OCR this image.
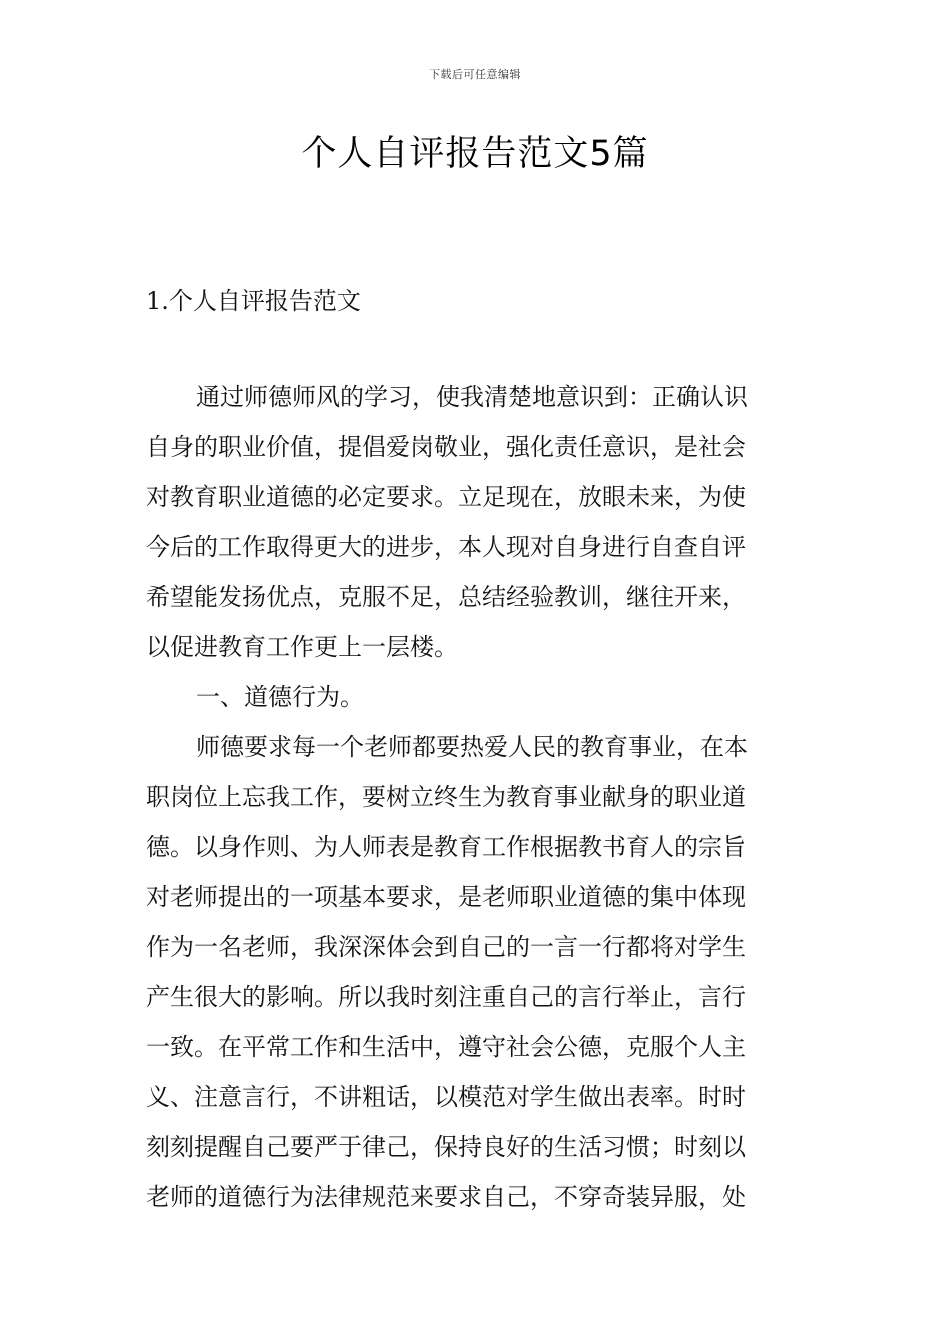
下载后可任意编辑
个人自评报告范文5篇
1.个人自评报告范文
通过师德师风的学习，使我清楚地意识到：正确认识
自身的职业价值，提倡爱岗敬业，强化责任意识，是社会
对教育职业道德的必定要求。立足现在，放眼未来，为使
今后的工作取得更大的进步，本人现对自身进行自查自评
希望能发扬优点，克服不足，总结经验教训，继往开来，
以促进教育工作更上一层楼。
一、道德行为。
师德要求每一个老师都要热爱人民的教育事业，在本
职岗位上忘我工作，要树立终生为教育事业献身的职业道
德。以身作则、为人师表是教育工作根据教书育人的宗旨
对老师提出的一项基本要求，是老师职业道德的集中体现
作为一名老师，我深深体会到自己的一言一行都将对学生
产生很大的影响。所以我时刻注重自己的言行举止，言行
一致。在平常工作和生活中，遵守社会公德，克服个人主
义、注意言行，不讲粗话，以模范对学生做出表率。时时
刻刻提醒自己要严于律己，保持良好的生活习惯；时刻以
老师的道德行为法律规范来要求自己，不穿奇装异服，处
